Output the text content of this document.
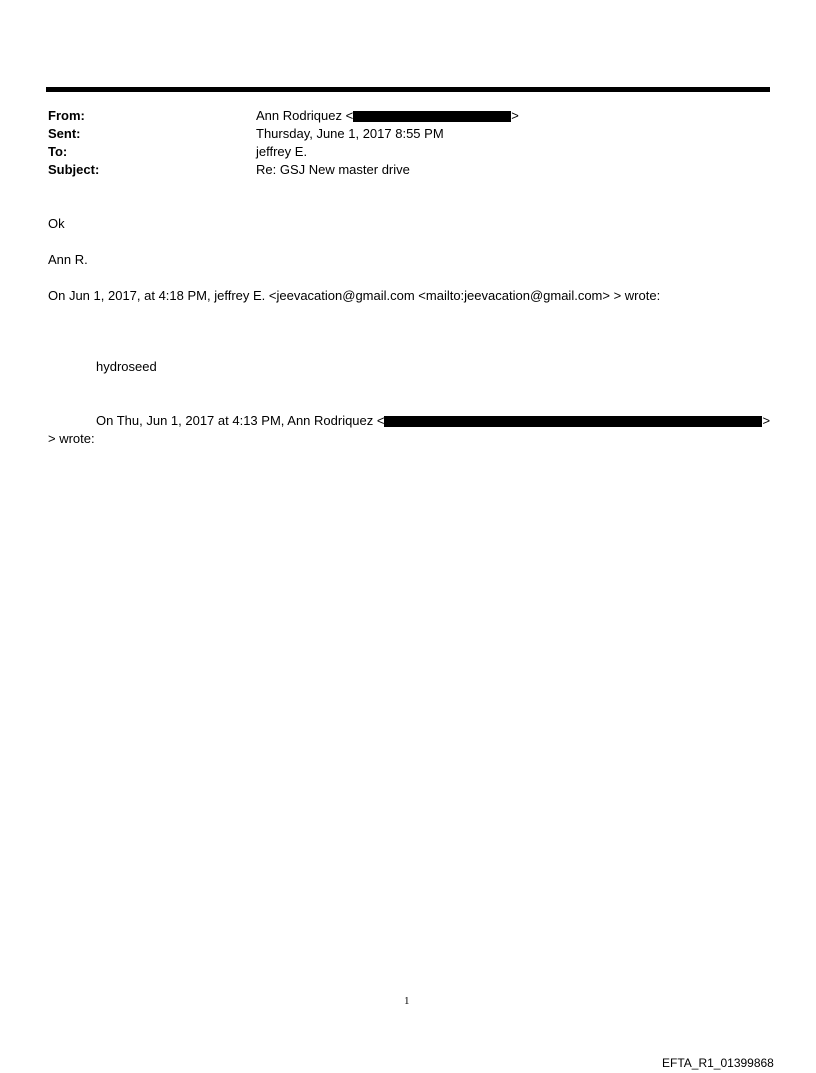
From:	Ann Rodriquez <	>
Sent:	Thursday, June 1, 2017 8:55 PM
To:	jeffrey E.
Subject:	Re: GSJ New master drive
Ok
Ann R.
On Jun 1, 2017, at 4:18 PM, jeffrey E. <jeevacation@gmail.com <mailto:jeevacation@gmail.com> > wrote:
hydroseed
On Thu, Jun 1, 2017 at 4:13 PM, Ann Rodriquez <	>
> wrote:
1
EFTA_R1_01399868
